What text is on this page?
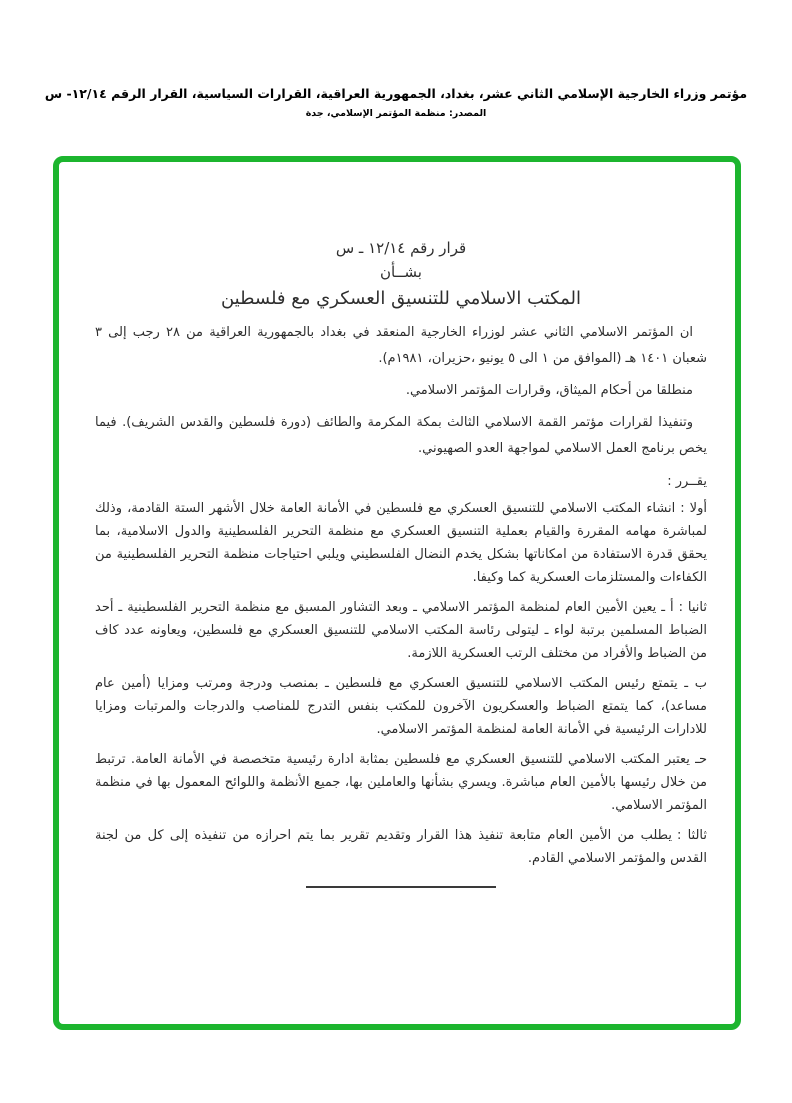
مؤتمر وزراء الخارجية الإسلامي الثاني عشر، بغداد، الجمهورية العراقية، القرارات السياسية، القرار الرقم ١٢/١٤- س
المصدر: منظمة المؤتمر الإسلامي، جدة
قرار رقم ١٢/١٤ ـ س
بشــأن
المكتب الاسلامي للتنسيق العسكري مع فلسطين

ان المؤتمر الاسلامي الثاني عشر لوزراء الخارجية المنعقد في بغداد بالجمهورية العراقية من ٢٨ رجب إلى ٣ شعبان ١٤٠١ هـ (الموافق من ١ الى ٥ يونيو ،حزيران، ١٩٨١م).

منطلقا من أحكام الميثاق، وقرارات المؤتمر الاسلامي.

وتنفيذا لقرارات مؤتمر القمة الاسلامي الثالث بمكة المكرمة والطائف (دورة فلسطين والقدس الشريف). فيما يخص برنامج العمل الاسلامي لمواجهة العدو الصهيوني.

يقــرر :

أولا :انشاء المكتب الاسلامي للتنسيق العسكري مع فلسطين في الأمانة العامة خلال الأشهر الستة القادمة، وذلك لمباشرة مهامه المقررة والقيام بعملية التنسيق العسكري مع منظمة التحرير الفلسطينية والدول الاسلامية، بما يحقق قدرة الاستفادة من امكاناتها بشكل يخدم النضال الفلسطيني ويلبي احتياجات منظمة التحرير الفلسطينية من الكفاءات والمستلزمات العسكرية كما وكيفا.

ثانيا :أ ـ يعين الأمين العام لمنظمة المؤتمر الاسلامي ـ وبعد التشاور المسبق مع منظمة التحرير الفلسطينية ـ أحد الضباط المسلمين برتبة لواء ـ ليتولى رئاسة المكتب الاسلامي للتنسيق العسكري مع فلسطين، ويعاونه عدد كاف من الضباط والأفراد من مختلف الرتب العسكرية اللازمة.

ب ـ يتمتع رئيس المكتب الاسلامي للتنسيق العسكري مع فلسطين ـ بمنصب ودرجة ومرتب ومزايا (أمين عام مساعد)، كما يتمتع الضباط والعسكريون الآخرون للمكتب بنفس التدرج للمناصب والدرجات والمرتبات ومزايا للادارات الرئيسية في الأمانة العامة لمنظمة المؤتمر الاسلامي.

حـ يعتبر المكتب الاسلامي للتنسيق العسكري مع فلسطين بمثابة ادارة رئيسية متخصصة في الأمانة العامة. ترتبط من خلال رئيسها بالأمين العام مباشرة. ويسري بشأنها والعاملين بها، جميع الأنظمة واللوائح المعمول بها في منظمة المؤتمر الاسلامي.

ثالثا :يطلب من الأمين العام متابعة تنفيذ هذا القرار وتقديم تقرير بما يتم احرازه من تنفيذه إلى كل من لجنة القدس والمؤتمر الاسلامي القادم.
